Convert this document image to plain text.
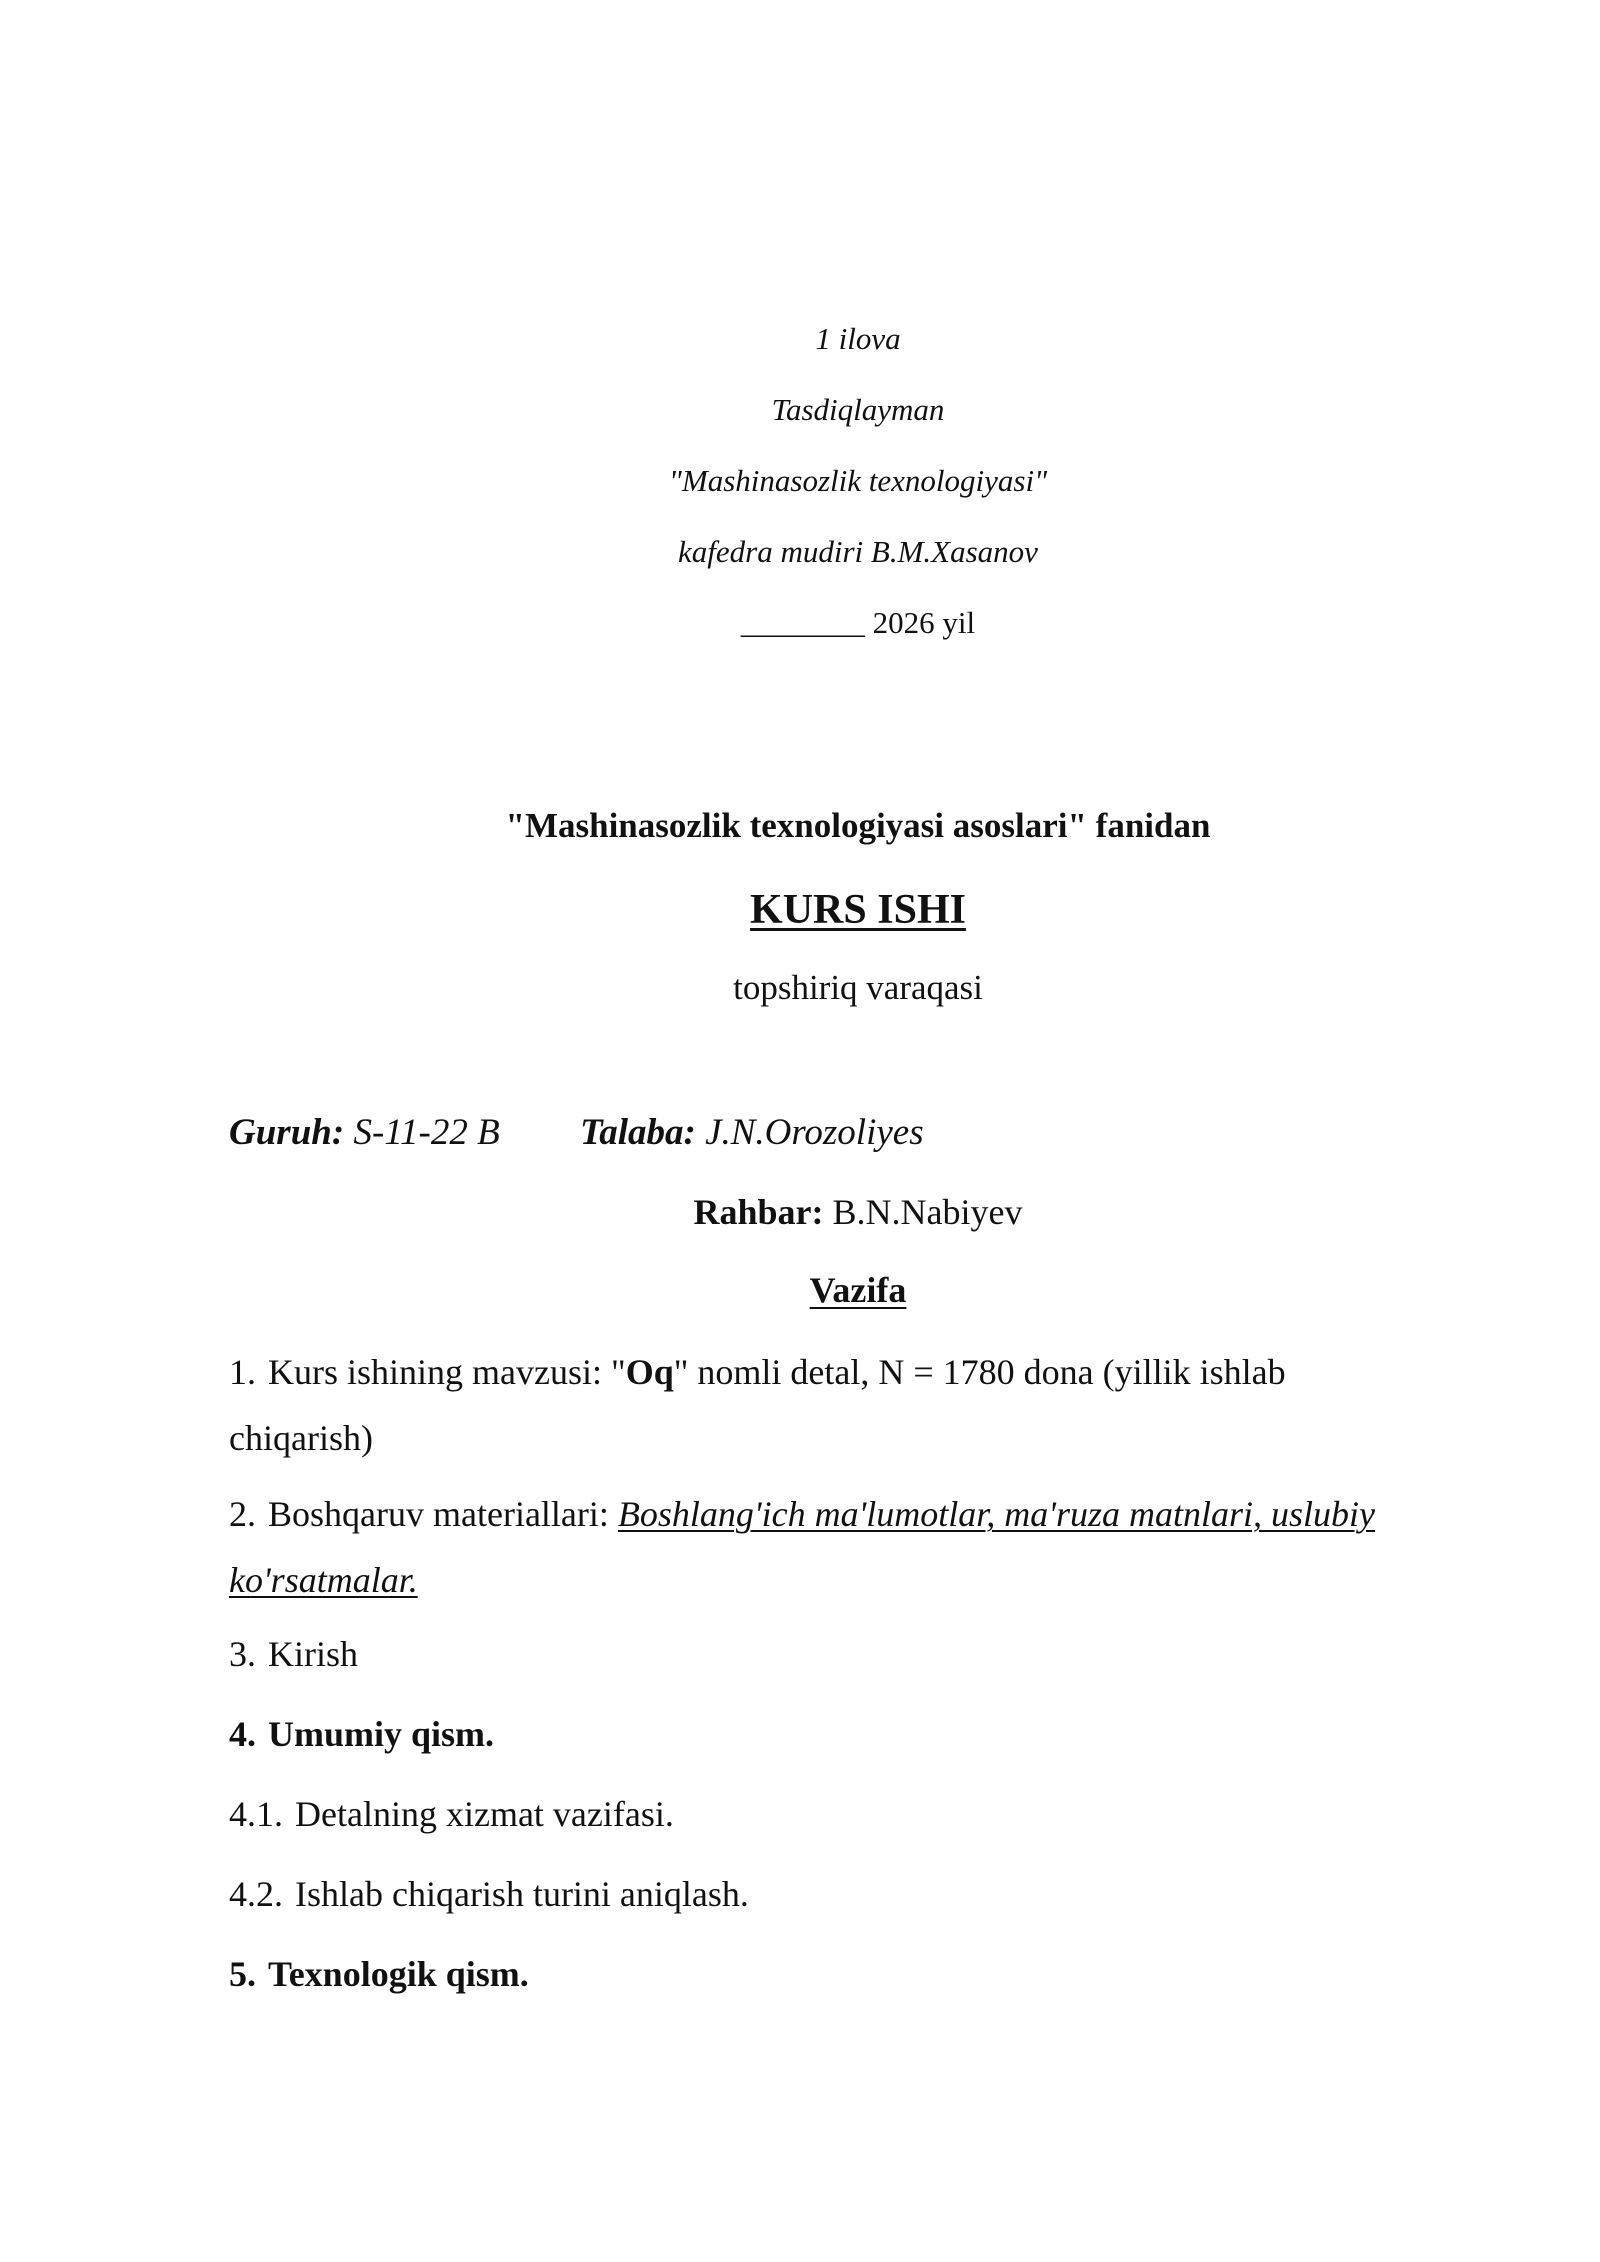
1 ilova
Tasdiqlayman
"Mashinasozlik texnologiyasi"
kafedra mudiri B.M.Xasanov
________ 2026 yil
"Mashinasozlik texnologiyasi asoslari" fanidan
KURS ISHI
topshiriq varaqasi
Guruh: S-11-22 B Talaba: J.N.Orozoliyes
Rahbar: B.N.Nabiyev
Vazifa
1. Kurs ishining mavzusi: "Oq" nomli detal, N = 1780 dona (yillik ishlab
chiqarish)
2. Boshqaruv materiallari: Boshlang'ich ma'lumotlar, ma'ruza matnlari, uslubiy
ko'rsatmalar.
3. Kirish
4. Umumiy qism.
4.1. Detalning xizmat vazifasi.
4.2. Ishlab chiqarish turini aniqlash.
5. Texnologik qism.
